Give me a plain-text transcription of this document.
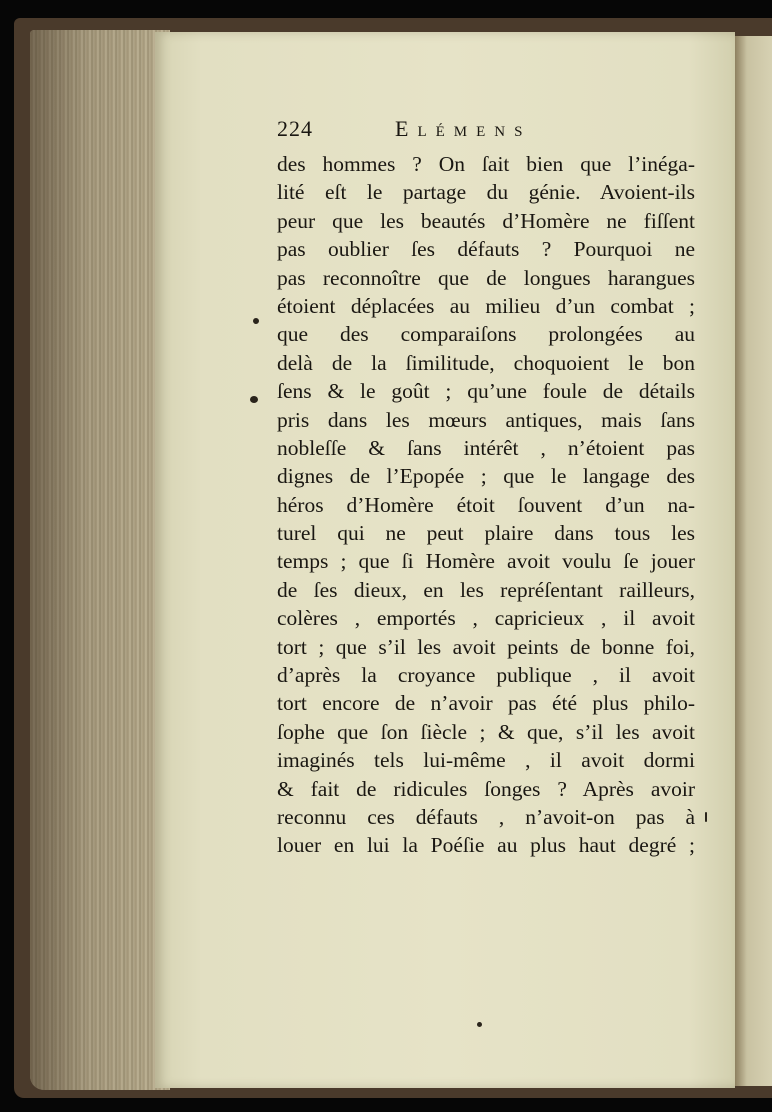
224	Elémens
des hommes ? On ſait bien que l’inéga-
lité eſt le partage du génie. Avoient-ils
peur que les beautés d’Homère ne fiſſent
pas oublier ſes défauts ? Pourquoi ne
pas reconnoître que de longues harangues
étoient déplacées au milieu d’un combat ;
que des comparaiſons prolongées au
delà de la ſimilitude, choquoient le bon
ſens & le goût ; qu’une foule de détails
pris dans les mœurs antiques, mais ſans
nobleſſe & ſans intérêt , n’étoient pas
dignes de l’Epopée ; que le langage des
héros d’Homère étoit ſouvent d’un na-
turel qui ne peut plaire dans tous les
temps ; que ſi Homère avoit voulu ſe jouer
de ſes dieux, en les repréſentant railleurs,
colères , emportés , capricieux , il avoit
tort ; que s’il les avoit peints de bonne foi,
d’après la croyance publique , il avoit
tort encore de n’avoir pas été plus philo-
ſophe que ſon ſiècle ; & que, s’il les avoit
imaginés tels lui-même , il avoit dormi
& fait de ridicules ſonges ? Après avoir
reconnu ces défauts , n’avoit-on pas à
louer en lui la Poéſie au plus haut degré ;
